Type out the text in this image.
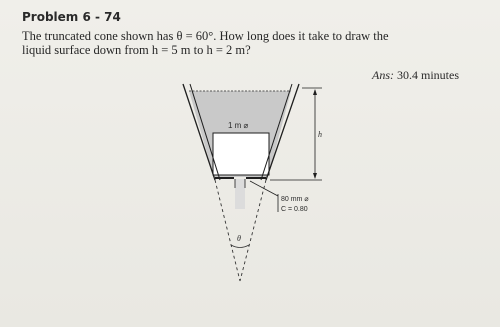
Problem 6 - 74
The truncated cone shown has θ = 60°. How long does it take to draw the
liquid surface down from h = 5 m to h = 2 m?
Ans: 30.4 minutes
θ
1 m ⌀
h
80 mm ⌀
C = 0.80
